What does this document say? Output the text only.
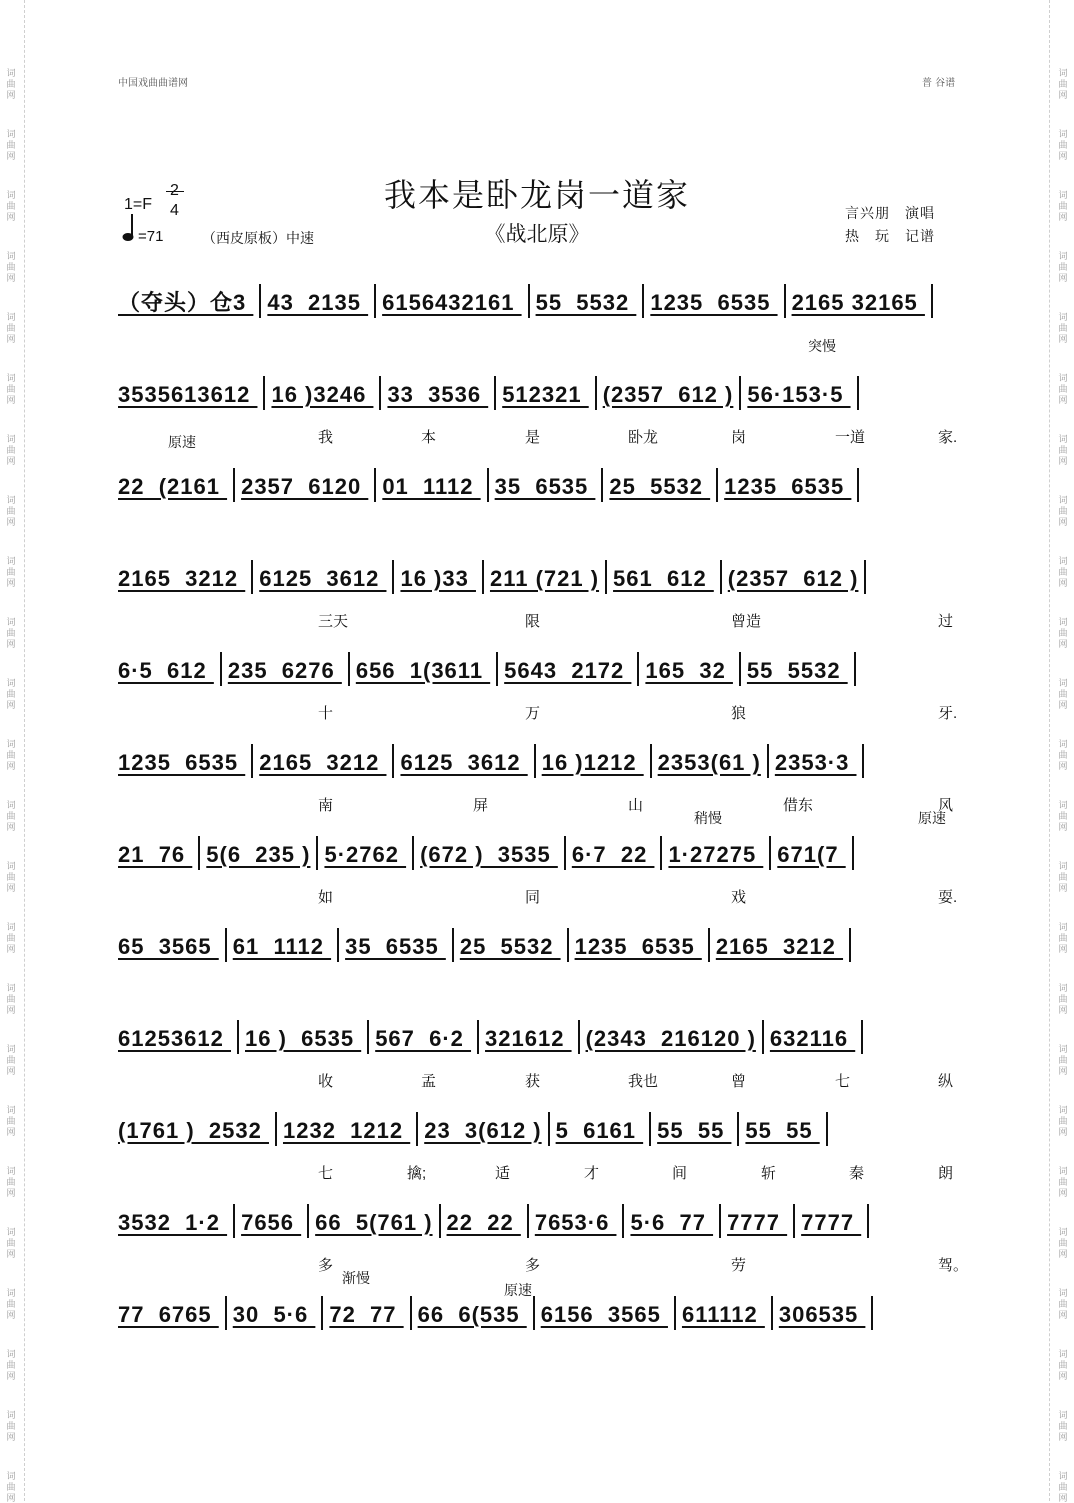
词
曲
网
词
曲
网
词
曲
网
词
曲
网
词
曲
网
词
曲
网
词
曲
网
词
曲
网
词
曲
网
词
曲
网
词
曲
网
词
曲
网
词
曲
网
词
曲
网
词
曲
网
词
曲
网
词
曲
网
词
曲
网
词
曲
网
词
曲
网
词
曲
网
词
曲
网
词
曲
网
词
曲
网
词
曲
网
词
曲
网
词
曲
网
词
曲
网
词
曲
网
词
曲
网
词
曲
网
词
曲
网
词
曲
网
词
曲
网
词
曲
网
词
曲
网
词
曲
网
词
曲
网
词
曲
网
词
曲
网
词
曲
网
词
曲
网
词
曲
网
词
曲
网
词
曲
网
词
曲
网
词
曲
网
词
曲
网
中国戏曲曲谱网	普 谷谱
我本是卧龙岗一道家
《战北原》
1=F 4
=71	（西皮原板）中速
言兴朋　演唱
热　玩　记谱
（夺头）仓3 43  2135 6156432161 55  5532 1235  6535 2165 32165
3535613612 16 )3246 33  3536 512321 (2357  612 ) 56·153·5
我	本	是	卧龙	岗	一道	家.
突慢
22  (2161 2357  6120 01  1112 35  6535 25  5532 1235  6535
原速
2165  3212 6125  3612 16 )33 211 (721 ) 561  612 (2357  612 )
三天	限	曾造	过
6·5  612 235  6276 656  1(3611 5643  2172 165  32 55  5532
十	万	狼	牙.
1235  6535 2165  3212 6125  3612 16 )1212 2353(61 ) 2353·3
南	屏	山	借东	风
21  76 5(6  235 ) 5·2762 (672 )  3535 6·7  22 1·27275 671(7
如	同	戏	耍.
稍慢	原速
65  3565 61  1112 35  6535 25  5532 1235  6535 2165  3212
61253612 16 )  6535 567  6·2 321612 (2343  216120 ) 632116
收	孟	获	我也	曾	七	纵
(1761 )  2532 1232  1212 23  3(612 ) 5  6161 55  55 55  55
七	擒;	适	才	间	斩	秦	朗
3532  1·2 7656 66  5(761 ) 22  22 7653·6 5·6  77 7777 7777
多	多	劳	驾。
77  6765 30  5·6 72  77 66  6(535 6156  3565 611112 306535
渐慢
原速
